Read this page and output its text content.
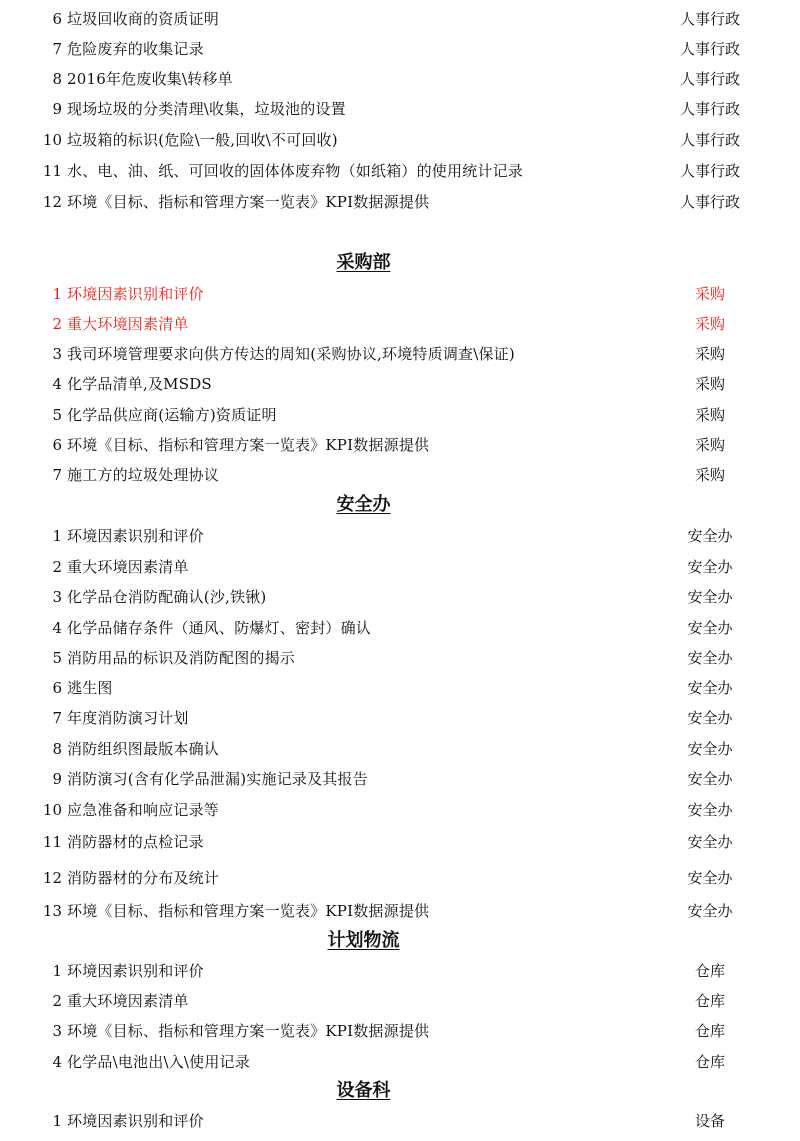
6 垃圾回收商的资质证明	人事行政
7 危险废弃的收集记录	人事行政
8 2016年危废收集\转移单	人事行政
9 现场垃圾的分类清理\收集，垃圾池的设置	人事行政
10 垃圾箱的标识(危险\一般,回收\不可回收)	人事行政
11 水、电、油、纸、可回收的固体体废弃物（如纸箱）的使用统计记录	人事行政
12 环境《目标、指标和管理方案一览表》KPI数据源提供	人事行政
采购部
1 环境因素识别和评价	采购
2 重大环境因素清单	采购
3 我司环境管理要求向供方传达的周知(采购协议,环境特质调查\保证)	采购
4 化学品清单,及MSDS	采购
5 化学品供应商(运输方)资质证明	采购
6 环境《目标、指标和管理方案一览表》KPI数据源提供	采购
7 施工方的垃圾处理协议	采购
安全办
1 环境因素识别和评价	安全办
2 重大环境因素清单	安全办
3 化学品仓消防配确认(沙,铁锹)	安全办
4 化学品储存条件（通风、防爆灯、密封）确认	安全办
5 消防用品的标识及消防配图的揭示	安全办
6 逃生图	安全办
7 年度消防演习计划	安全办
8 消防组织图最版本确认	安全办
9 消防演习(含有化学品泄漏)实施记录及其报告	安全办
10 应急准备和响应记录等	安全办
11 消防器材的点检记录	安全办
12 消防器材的分布及统计	安全办
13 环境《目标、指标和管理方案一览表》KPI数据源提供	安全办
计划物流
1 环境因素识别和评价	仓库
2 重大环境因素清单	仓库
3 环境《目标、指标和管理方案一览表》KPI数据源提供	仓库
4 化学品\电池出\入\使用记录	仓库
设备科
1 环境因素识别和评价	设备
